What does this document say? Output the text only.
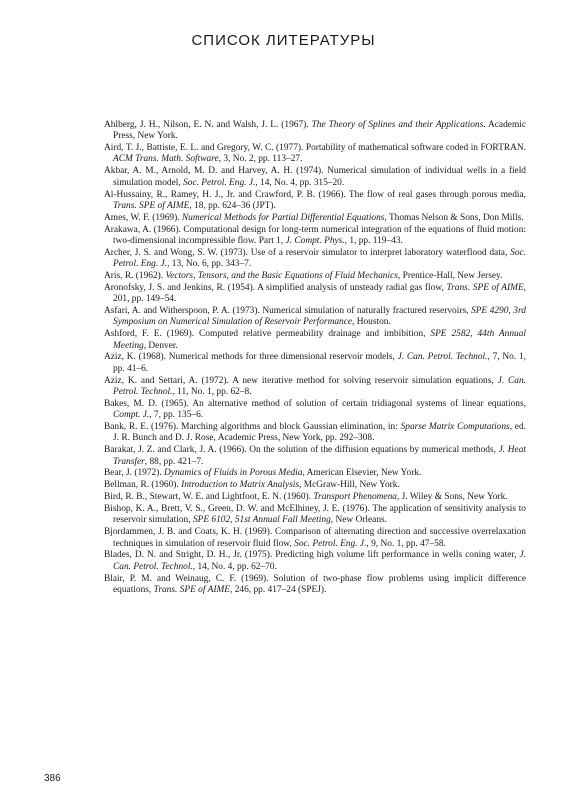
СПИСОК ЛИТЕРАТУРЫ
Ahlberg, J. H., Nilson, E. N. and Walsh, J. L. (1967). The Theory of Splines and their Applications. Academic Press, New York.
Aird, T. J., Battiste, E. L. and Gregory, W. C. (1977). Portability of mathematical software coded in FORTRAN. ACM Trans. Math. Software, 3, No. 2, pp. 113–27.
Akbar, A. M., Arnold, M. D. and Harvey, A. H. (1974). Numerical simulation of individual wells in a field simulation model, Soc. Petrol. Eng. J., 14, No. 4, pp. 315–20.
Al-Hussainy, R., Ramey, H. J., Jr. and Crawford, P. B. (1966). The flow of real gases through porous media, Trans. SPE of AIME, 18, pp. 624–36 (JPT).
Ames, W. F. (1969). Numerical Methods for Partial Differential Equations, Thomas Nelson & Sons, Don Mills.
Arakawa, A. (1966). Computational design for long-term numerical integration of the equations of fluid motion: two-dimensional incompressible flow. Part 1, J. Compt. Phys., 1, pp. 119–43.
Archer, J. S. and Wong, S. W. (1973). Use of a reservoir simulator to interpret laboratory waterflood data, Soc. Petrol. Eng. J., 13, No. 6, pp. 343–7.
Aris, R. (1962). Vectors, Tensors, and the Basic Equations of Fluid Mechanics, Prentice-Hall, New Jersey.
Aronofsky, J. S. and Jenkins, R. (1954). A simplified analysis of unsteady radial gas flow, Trans. SPE of AIME, 201, pp. 149–54.
Asfari, A. and Witherspoon, P. A. (1973). Numerical simulation of naturally fractured reservoirs, SPE 4290, 3rd Symposium on Numerical Simulation of Reservoir Performance, Houston.
Ashford, F. E. (1969). Computed relative permeability drainage and imbibition, SPE 2582, 44th Annual Meeting, Denver.
Aziz, K. (1968). Numerical methods for three dimensional reservoir models, J. Can. Petrol. Technol., 7, No. 1, pp. 41–6.
Aziz, K. and Settari, A. (1972). A new iterative method for solving reservoir simulation equations, J. Can. Petrol. Technol., 11, No. 1, pp. 62–8.
Bakes, M. D. (1965). An alternative method of solution of certain tridiagonal systems of linear equations, Compt. J., 7, pp. 135–6.
Bank, R. E. (1976). Marching algorithms and block Gaussian elimination, in: Sparse Matrix Computations, ed. J. R. Bunch and D. J. Rose, Academic Press, New York, pp. 292–308.
Barakat, J. Z. and Clark, J. A. (1966). On the solution of the diffusion equations by numerical methods, J. Heat Transfer, 88, pp. 421–7.
Bear, J. (1972). Dynamics of Fluids in Porous Media, American Elsevier, New York.
Bellman, R. (1960). Introduction to Matrix Analysis, McGraw-Hill, New York.
Bird, R. B., Stewart, W. E. and Lightfoot, E. N. (1960). Transport Phenomena, J. Wiley & Sons, New York.
Bishop, K. A., Brett, V. S., Green, D. W. and McElhiney, J. E. (1976). The application of sensitivity analysis to reservoir simulation, SPE 6102, 51st Annual Fall Meeting, New Orleans.
Bjordammen, J. B. and Coats, K. H. (1969). Comparison of alternating direction and successive overrelaxation techniques in simulation of reservoir fluid flow, Soc. Petrol. Eng. J., 9, No. 1, pp. 47–58.
Blades, D. N. and Stright, D. H., Jr. (1975). Predicting high volume lift performance in wells coning water, J. Can. Petrol. Technol., 14, No. 4, pp. 62–70.
Blair, P. M. and Weinaug, C. F. (1969). Solution of two-phase flow problems using implicit difference equations, Trans. SPE of AIME, 246, pp. 417–24 (SPEJ).
386
